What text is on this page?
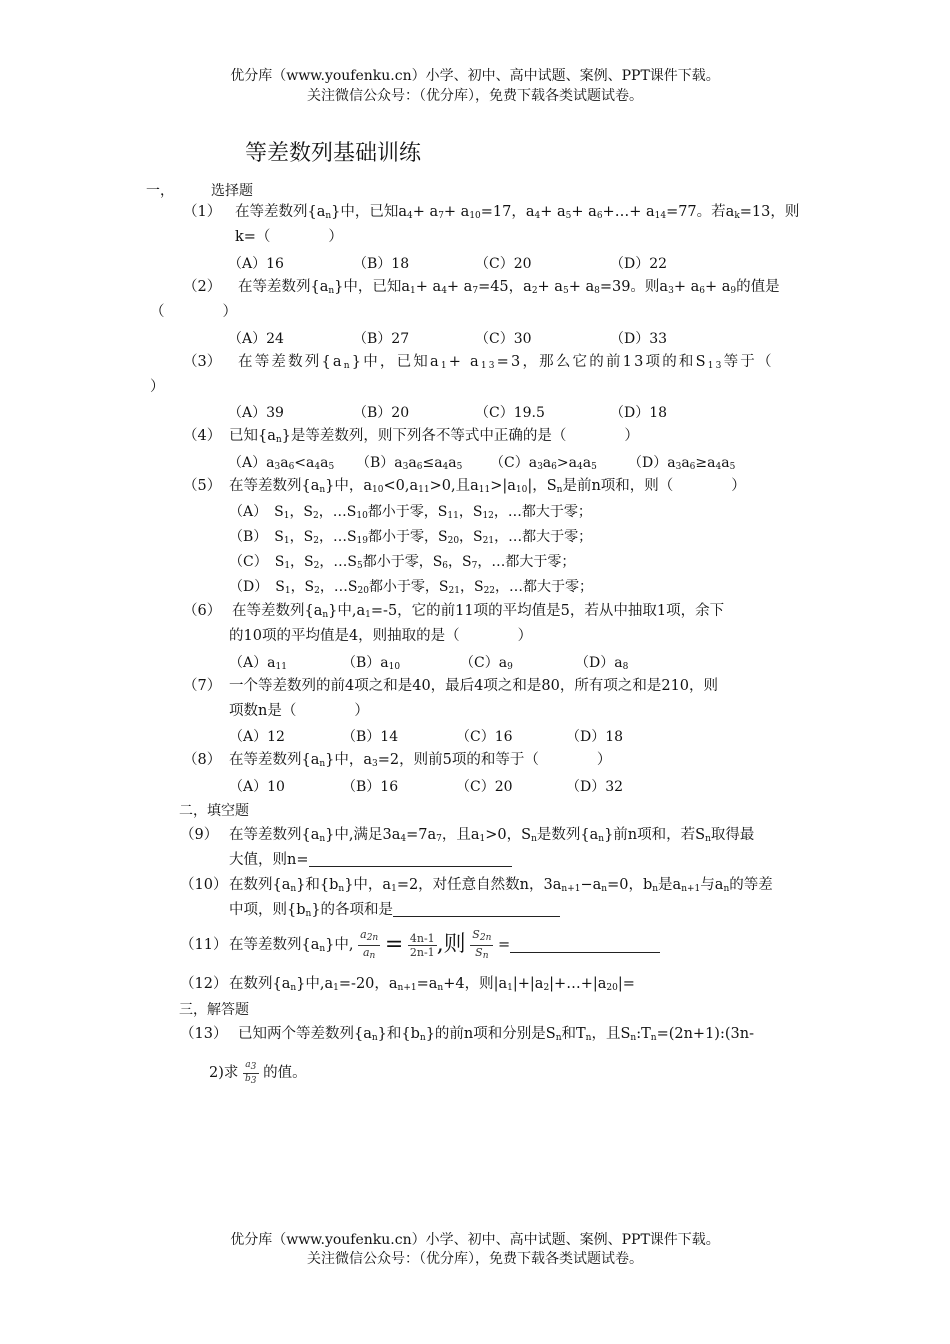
优分库（www.youfenku.cn）小学、初中、高中试题、案例、PPT课件下载。
关注微信公众号：（优分库），免费下载各类试题试卷。
等差数列基础训练
一，	选择题
（1） 在等差数列$\{a_n\}$中，已知$a_4+ a_7+ a_{10}=17$，$a_4+ a_5+$ $a_6+\dots+ a_{14}=77$。若$a_k=13$，则
k=（　　　　）
（A）16	（B）18	（C）20	（D）22
（2） 在等差数列$\{a_n\}$中，已知$a_1+ a_4+ a_7=45$，$a_2+ a_5+ a_8=39$。则$a_3+ a_6+ a_9$的值是
（　　　　）
（A）24	（B）27	（C）30	（D）33
（3） 在等差数列$\{a_n\}$中，已知$a_1+ a_{13}=3$，那么它的前13项的和$S_{13}$等于（
）
（A）39	（B）20	（C）19.5	（D）18
（4） 已知$\{a_n\}$是等差数列，则下列各不等式中正确的是（　　　　）
$(A)a_3a_6<a_4a_5$ $(B)a_3a_6\le a_4a_5$ $(C)a_3a_6>a_4a_5$ $(D)a_3a_6\ge a_4a_5$
（5） 在等差数列$\{a_n\}$中，$a_{10}<0,a_{11}>0$,且$a_{11}>|a_{10}|$，$S_n$是前n项和，则（　　　　）
（A）　$S_1$，$S_2$，$\dots S_{10}$都小于零，$S_{11}$，$S_{12}$，…都大于零；
（B）　$S_1$，$S_2$，$\dots S_{19}$都小于零，$S_{20}$，$S_{21}$，…都大于零；
（C）　$S_1$，$S_2$，$\dots S_5$都小于零，$S_6$，$S_7$，…都大于零；
（D）　$S_1$，$S_2$，$\dots S_{20}$都小于零，$S_{21}$，$S_{22}$，…都大于零；
（6） 在等差数列$\{a_n\}$中$,a_1=-5$，它的前11项的平均值是5，若从中抽取1项，余下
的10项的平均值是4，则抽取的是（　　　　）
$(A)a_{11}$	$(B)a_{10}$	$(C)a_9$	$(D)a_8$
（7） 一个等差数列的前4项之和是40，最后4项之和是80，所有项之和是210，则
项数n是（　　　　）
（A）12	（B）14	（C）16	（D）18
（8） 在等差数列$\{a_n\}$中，$a_3=2$，则前5项的和等于（　　　　）
（A）10	（B）16	（C）20	（D）32
二，填空题
（9） 在等差数列$\{a_n\}$中,满足$3a_4=7a_7$，且$a_1>0$，$S_n$是数列$\{a_n\}$前n项和，若$S_n$取得最
大值，则n=
（10） 在数列$\{a_n\}$和$\{b_n\}$中，$a_1=2$，对任意自然数n，$3a_{n+1}-a_n=0$，$b_n$是$a_{n+1}$与$a_n$的等差
中项，则$\{b_n\}$的各项和是
（11） 在等差数列$\{a_n\}$中, $\frac{a_{2n}}{a_n} = \frac{4n-1}{2n-1}$ ,则 $\frac{S_{2n}}{S_n}$ =
（12） 在数列$\{a_n\}$中$,a_1=-20$，$a_{n+1}=a_n+4$，则$|a_1|+|a_2|+\dots+|a_{20}|=$
三，解答题
（13） 已知两个等差数列$\{a_n\}$和$\{b_n\}$的前n项和分别是$S_n$和$T_n$，且$S_n:T_n=(2n+1):(3n-$
2)求 $\frac{a_3}{b_3}$ 的值。
优分库（www.youfenku.cn）小学、初中、高中试题、案例、PPT课件下载。
关注微信公众号：（优分库），免费下载各类试题试卷。
